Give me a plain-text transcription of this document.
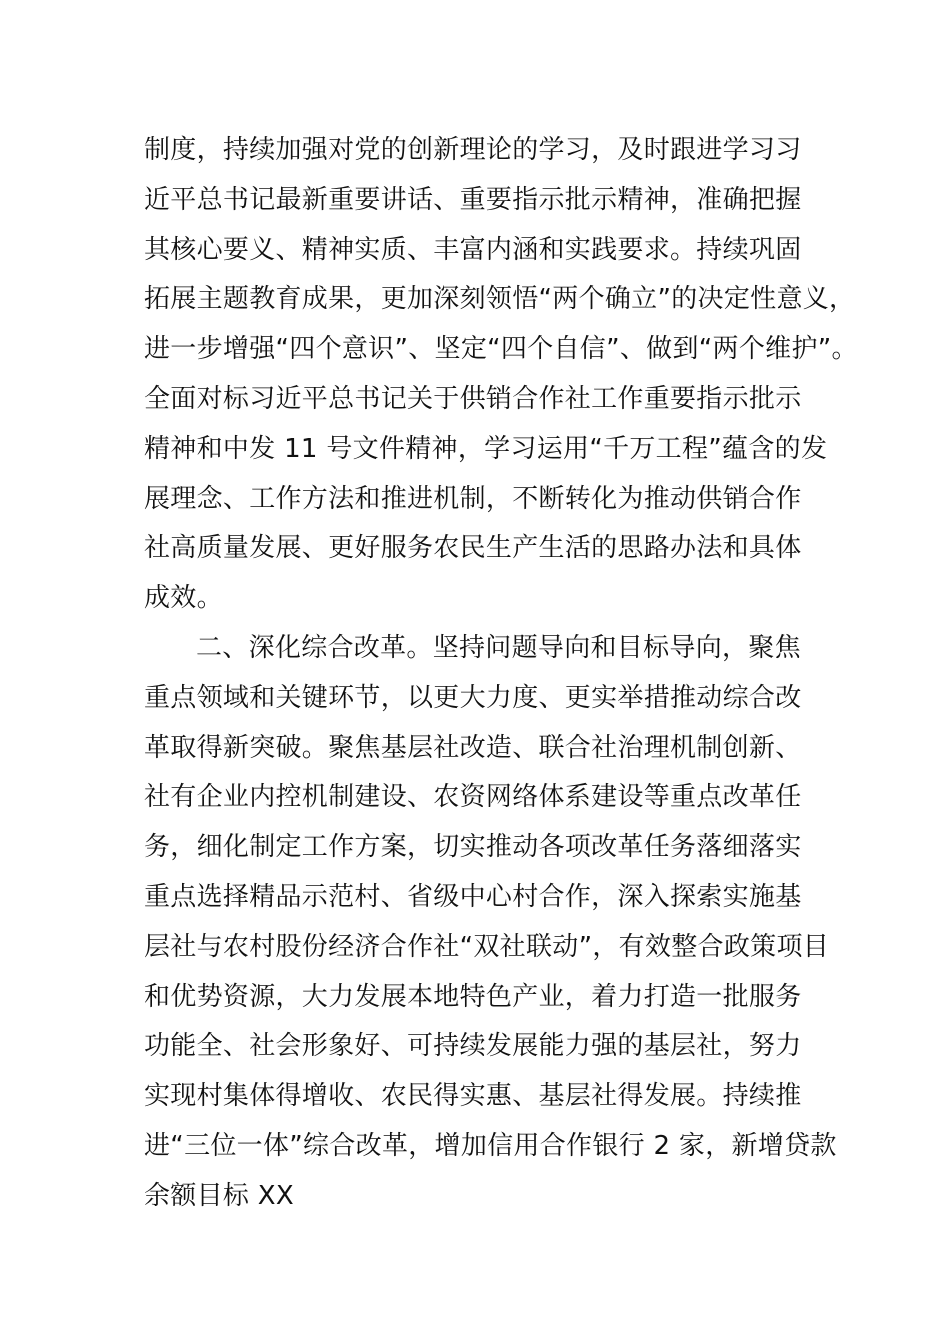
制度，持续加强对党的创新理论的学习，及时跟进学习习
近平总书记最新重要讲话、重要指示批示精神，准确把握
其核心要义、精神实质、丰富内涵和实践要求。持续巩固
拓展主题教育成果，更加深刻领悟“两个确立”的决定性意义，
进一步增强“四个意识”、坚定“四个自信”、做到“两个维护”。
全面对标习近平总书记关于供销合作社工作重要指示批示
精神和中发 11 号文件精神，学习运用“千万工程”蕴含的发
展理念、工作方法和推进机制，不断转化为推动供销合作
社高质量发展、更好服务农民生产生活的思路办法和具体
成效。
二、深化综合改革。坚持问题导向和目标导向，聚焦
重点领域和关键环节，以更大力度、更实举措推动综合改
革取得新突破。聚焦基层社改造、联合社治理机制创新、
社有企业内控机制建设、农资网络体系建设等重点改革任
务，细化制定工作方案，切实推动各项改革任务落细落实
重点选择精品示范村、省级中心村合作，深入探索实施基
层社与农村股份经济合作社“双社联动”，有效整合政策项目
和优势资源，大力发展本地特色产业，着力打造一批服务
功能全、社会形象好、可持续发展能力强的基层社，努力
实现村集体得增收、农民得实惠、基层社得发展。持续推
进“三位一体”综合改革，增加信用合作银行 2 家，新增贷款
余额目标 XX
